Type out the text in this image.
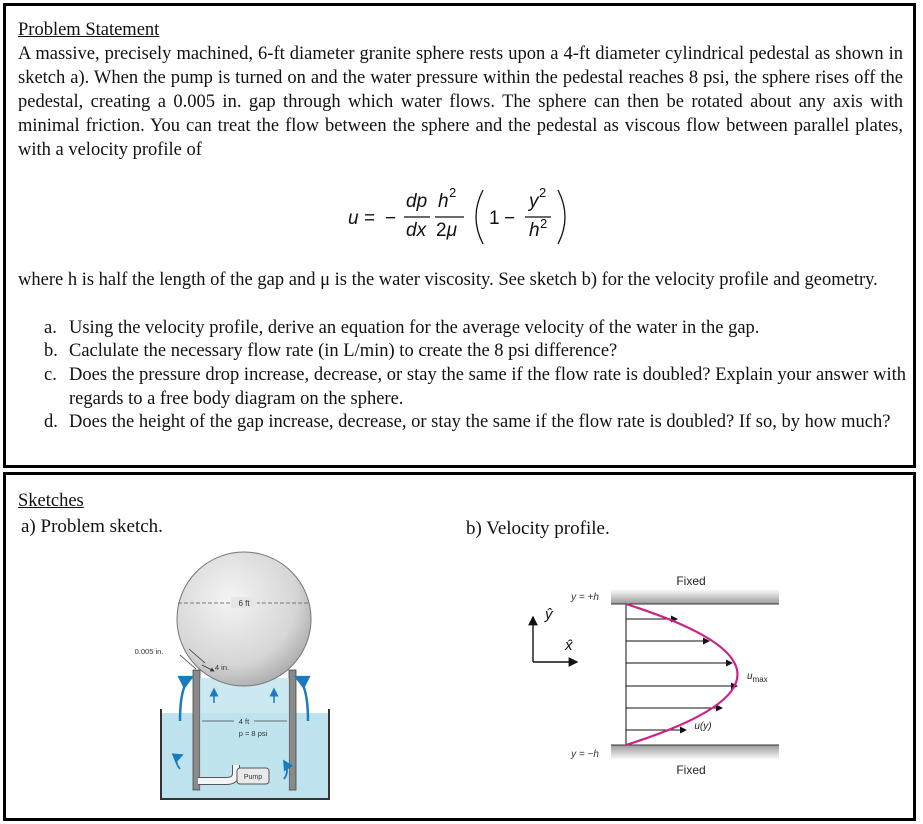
Problem Statement
A massive, precisely machined, 6-ft diameter granite sphere rests upon a 4-ft diameter cylindrical pedestal as shown in sketch a). When the pump is turned on and the water pressure within the pedestal reaches 8 psi, the sphere rises off the pedestal, creating a 0.005 in. gap through which water flows. The sphere can then be rotated about any axis with minimal friction. You can treat the flow between the sphere and the pedestal as viscous flow between parallel plates, with a velocity profile of
u = −
dp
dx
h 2
2μ
1 −
y 2
h 2
where h is half the length of the gap and μ is the water viscosity. See sketch b) for the velocity profile and geometry.
a. Using the velocity profile, derive an equation for the average velocity of the water in the gap.
b. Caclulate the necessary flow rate (in L/min) to create the 8 psi difference?
c. Does the pressure drop increase, decrease, or stay the same if the flow rate is doubled? Explain your answer with regards to a free body diagram on the sphere.
d. Does the height of the gap increase, decrease, or stay the same if the flow rate is doubled? If so, by how much?
Sketches
a) Problem sketch.	b) Velocity profile.
6 ft
0.005 in.
4 in.
4 ft
p = 8 psi
Pump
Fixed
Fixed
y = +h
y = −h
ŷ
x̂
$u_{max}$
u(y)
